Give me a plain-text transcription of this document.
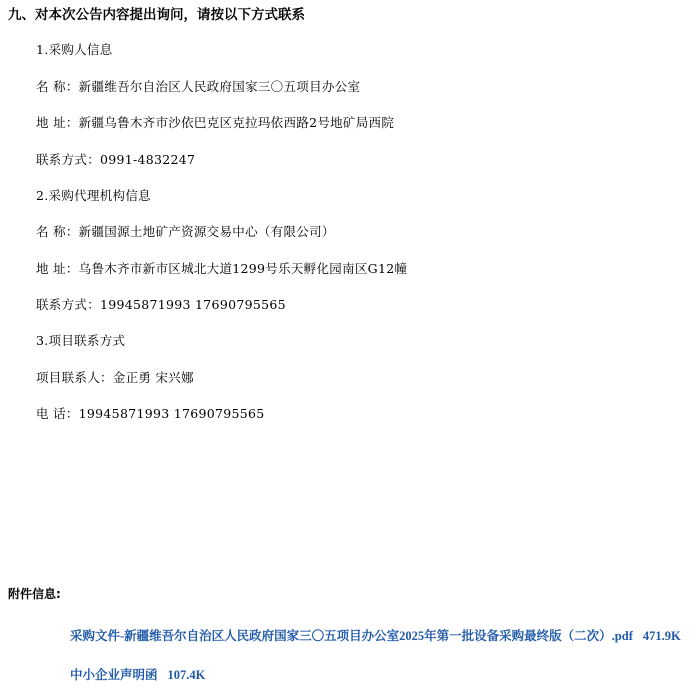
九、对本次公告内容提出询问，请按以下方式联系
1.采购人信息
名 称：新疆维吾尔自治区人民政府国家三〇五项目办公室
地 址：新疆乌鲁木齐市沙依巴克区克拉玛依西路2号地矿局西院
联系方式：0991-4832247
2.采购代理机构信息
名 称：新疆国源土地矿产资源交易中心（有限公司）
地 址：乌鲁木齐市新市区城北大道1299号乐天孵化园南区G12幢
联系方式：19945871993 17690795565
3.项目联系方式
项目联系人：金正勇 宋兴娜
电 话：19945871993 17690795565
附件信息:
采购文件-新疆维吾尔自治区人民政府国家三〇五项目办公室2025年第一批设备采购最终版（二次）.pdf 471.9K
中小企业声明函 107.4K
